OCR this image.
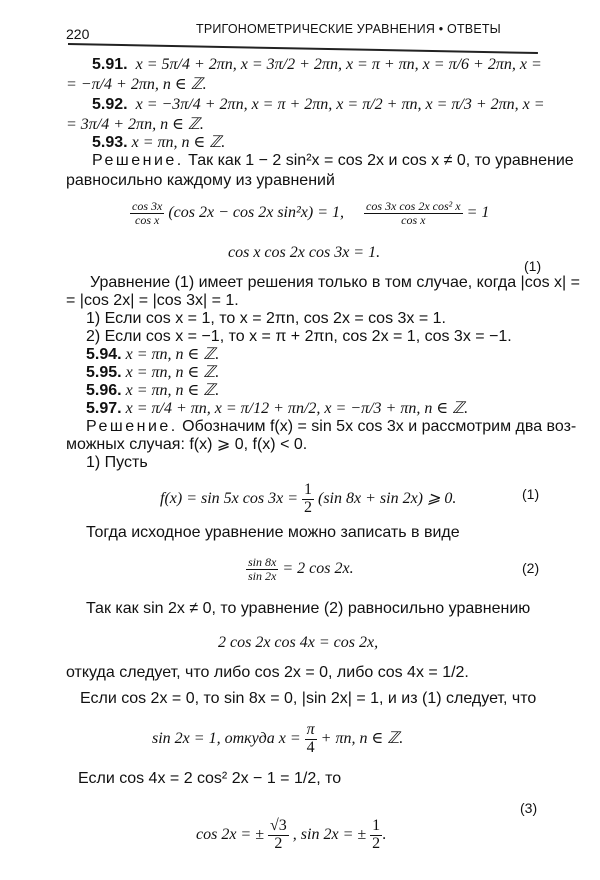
220	ТРИГОНОМЕТРИЧЕСКИЕ УРАВНЕНИЯ • ОТВЕТЫ
5.91. x = 5π/4 + 2πn, x = 3π/2 + 2πn, x = π + πn, x = π/6 + 2πn, x =
= −π/4 + 2πn, n ∈ ℤ.
5.92. x = −3π/4 + 2πn, x = π + 2πn, x = π/2 + πn, x = π/3 + 2πn, x =
= 3π/4 + 2πn, n ∈ ℤ.
5.93. x = πn, n ∈ ℤ.
Решение. Так как 1 − 2 sin²x = cos 2x и cos x ≠ 0, то уравнение
равносильно каждому из уравнений
$\frac{\cos 3x}{\text{cos x}} (\cos$ 2x − cos 2x sin²x) = 1, $\frac{\text{cos 3x cos 2x cos² x}}{\text{cos x}} = 1$
cos x cos 2x cos 3x = 1.
(1)
Уравнение (1) имеет решения только в том случае, когда |cos x| =
= |cos 2x| = |cos 3x| = 1.
1) Если cos x = 1, то x = 2πn, cos 2x = cos 3x = 1.
2) Если cos x = −1, то x = π + 2πn, cos 2x = 1, cos 3x = −1.
5.94. x = πn, n ∈ ℤ.
5.95. x = πn, n ∈ ℤ.
5.96. x = πn, n ∈ ℤ.
5.97. x = π/4 + πn, x = π/12 + πn/2, x = −π/3 + πn, n ∈ ℤ.
Решение. Обозначим f(x) = sin 5x cos 3x и рассмотрим два воз-
можных случая: f(x) ⩾ 0, f(x) < 0.
1) Пусть
f(x) = sin 5x $\cos 3x = \frac{1}{2} (\sin$ 8x + sin 2x) ⩾ 0.	(1)
Тогда исходное уравнение можно записать в виде
$\frac{\sin 8x}{\sin 2x} = 2$ cos 2x.	(2)
Так как sin 2x ≠ 0, то уравнение (2) равносильно уравнению
2 cos 2x cos 4x = cos 2x,
откуда следует, что либо cos 2x = 0, либо cos 4x = 1/2.
Если cos 2x = 0, то sin 8x = 0, |sin 2x| = 1, и из (1) следует, что
sin 2x = 1, откуда $x = \frac{\pi}{4} + \pi n$, n ∈ ℤ.
Если cos 4x = 2 cos² 2x − 1 = 1/2, то
(3)
cos 2x = ± $\frac{√3}{2}$ , sin 2x = ± $\frac{1}{2}$ .
